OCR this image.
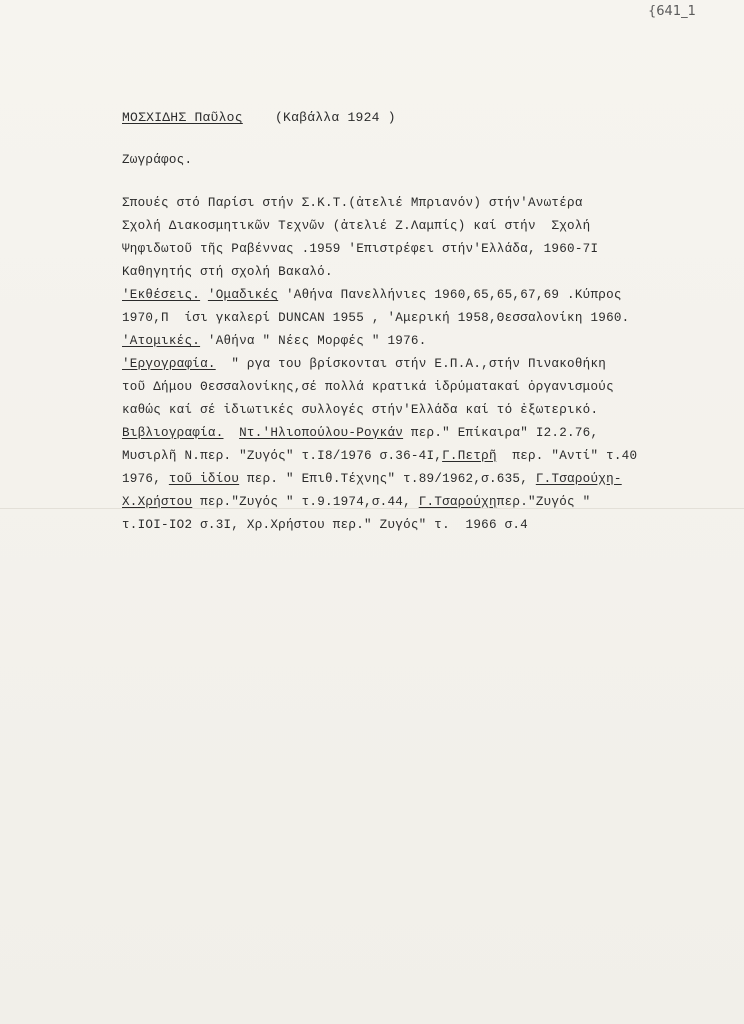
{641_1
ΜΟΣΧΙΔΗΣ Παῦλος (Καβάλλα 1924 )
Ζωγράφος.
Σπουές στό Παρίσι στήν Σ.Κ.Τ.(ἀτελιέ Μπριανόν) στήν'Ανωτέρα
Σχολή Διακοσμητικῶν Τεχνῶν (ἀτελιέ Ζ.Λαμπίς) καί στήν  Σχολή
Ψηφιδωτοῦ τῆς Ραβέννας .1959 'Επιστρέφει στήν'Ελλάδα, 1960-7Ι
Καθηγητής στή σχολή Βακαλό.
'Εκθέσεις. 'Ομαδικές 'Αθήνα Πανελλήνιες 1960,65,65,67,69 .Κύπρος
1970,Π  ίσι γκαλερί DUNCAN 1955 , 'Αμερική 1958,Θεσσαλονίκη 1960.
'Ατομικές. 'Αθήνα " Νέες Μορφές " 1976.
'Εργογραφία.  " ργα του βρίσκονται στήν Ε.Π.Α.,στήν Πινακοθήκη
τοῦ Δήμου Θεσσαλονίκης,σέ πολλά κρατικά ἱδρύματακαί ὀργανισμούς
καθώς καί σέ ἰδιωτικές συλλογές στήν'Ελλάδα καί τό ἐξωτερικό.
Βιβλιογραφία. Ντ.'Ηλιοπούλου-Ρογκάν περ." Επίκαιρα" Ι2.2.76,
Μυσιρλῆ Ν.περ. "Ζυγός" τ.Ι8/1976 σ.36-4Ι,Γ.Πετρῆ  περ. "Αντί" τ.40
1976, τοῦ ἰδίου περ. " Επιθ.Τέχνης" τ.89/1962,σ.635, Γ.Τσαρούχη-
Χ.Χρήστου περ."Ζυγός " τ.9.1974,σ.44, Γ.Τσαρούχηπερ."Ζυγός "
τ.ΙΟΙ-ΙΟ2 σ.3Ι, Χρ.Χρήστου περ." Ζυγός" τ.  1966 σ.4
